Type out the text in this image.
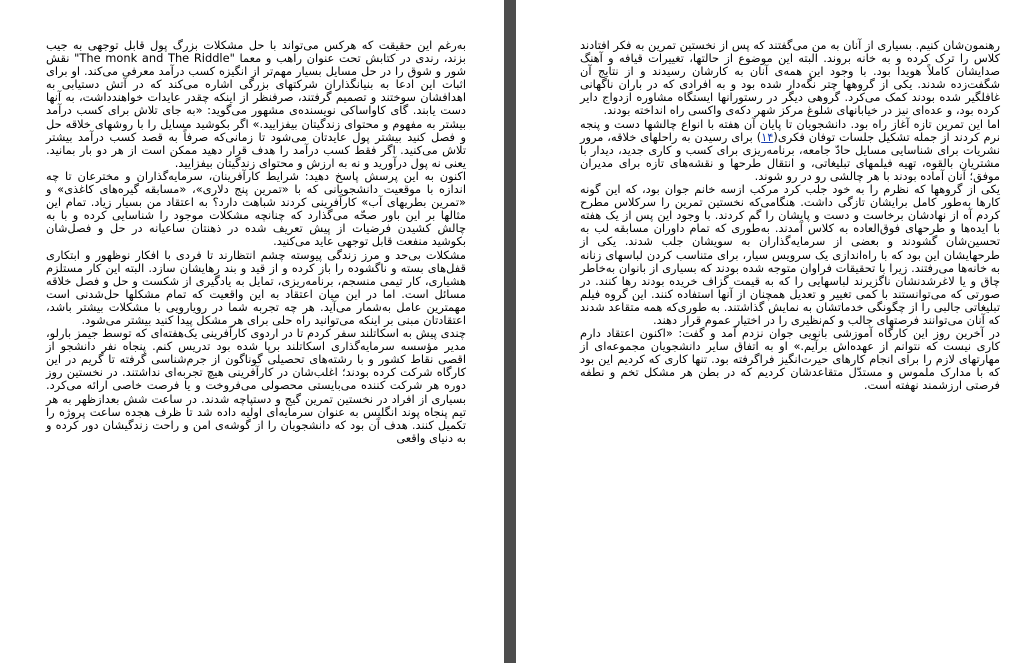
به‌رغم این حقیقت که هرکس می‌تواند با حل مشکلات بزرگ پول قابل توجهی به جیب بزند، رندی در کتابش تحت عنوان راهب و معما "The monk and The Riddle" نقش شور و شوق را در حل مسایل بسیار مهم‌تر از انگیزه کسب درآمد معرفی می‌کند. او برای اثبات این ادعا به بنیانگذاران شرکتهای بزرگی اشاره می‌کند که در آتش دستیابی به اهدافشان سوختند و تصمیم گرفتند، صرفنظر از اینکه چقدر عایدات خواهندداشت، به آنها دست یابند. گای کاواساکی نویسنده‌ی مشهور می‌گوید: «به جای تلاش برای کسب درآمد بیشتر به مفهوم و محتوای زندگیتان بیفزایید.» اگر بکوشید مسایل را با روشهای خلاقه حل و فصل کنید بیشتر پول عایدتان می‌شود تا زمانی‌که صرفاً به قصد کسب درآمد بیشتر تلاش می‌کنید. اگر فقط کسب درآمد را هدف قرار دهید ممکن است از هر دو بار بمانید. یعنی نه پول درآورید و نه به ارزش و محتوای زندگیتان بیفزایید.

اکنون به این پرسش پاسخ دهید: شرایط کارآفرینان، سرمایه‌گذاران و مخترعان تا چه اندازه با موقعیت دانشجویانی که با «تمرین پنج دلاری»، «مسابقه گیره‌های کاغذی» و «تمرین بطریهای آب» کارآفرینی کردند شباهت دارد؟ به اعتقاد من بسیار زیاد. تمام این مثالها بر این باور صحّه می‌گذارد که چنانچه مشکلات موجود را شناسایی کرده و با به چالش کشیدن فرضیات از پیش تعریف شده در ذهنتان ساعیانه در حل و فصل‌شان بکوشید منفعت قابل توجهی عاید می‌کنید.

مشکلات بی‌حد و مرز زندگی پیوسته چشم انتظارند تا فردی با افکار نوظهور و ابتکاری قفل‌های بسته و ناگشوده را باز کرده و از قید و بند رهایشان سازد. البته این کار مستلزم هشیاری، کار تیمی منسجم، برنامه‌ریزی، تمایل به یادگیری از شکست و حل و فصل خلاقه مسائل است. اما در این میان اعتقاد به این واقعیت که تمام مشکلها حل‌شدنی است مهمترین عامل به‌شمار می‌آید. هر چه تجربه شما در رویارویی با مشکلات بیشتر باشد، اعتقادتان مبنی بر اینکه می‌توانید راه حلی برای هر مشکل پیدا کنید بیشتر می‌شود.

چندی پیش به اسکاتلند سفر کردم تا در اردوی کارآفرینی یک‌هفته‌ای که توسط جیمز بارلو، مدیر مؤسسه سرمایه‌گذاری اسکاتلند برپا شده بود تدریس کنم. پنجاه نفر دانشجو از اقصی نقاط کشور و با رشته‌های تحصیلی گوناگون از جرم‌شناسی گرفته تا گریم در این کارگاه شرکت کرده بودند؛ اغلب‌شان در کارآفرینی هیچ تجربه‌ای نداشتند. در نخستین روز دوره هر شرکت کننده می‌بایستی محصولی می‌فروخت و یا فرصت خاصی ارائه می‌کرد. بسیاری از افراد در نخستین تمرین گیج و دستپاچه شدند. در ساعت شش بعدازظهر به هر تیم پنجاه پوند انگلیس به عنوان سرمایه‌ای اولیه داده شد تا ظرف هجده ساعت پروژه را تکمیل کنند. هدف آن بود که دانشجویان را از گوشه‌ی امن و راحت زندگیشان دور کرده و به دنیای واقعی

رهنمون‌شان کنیم. بسیاری از آنان به من می‌گفتند که پس از نخستین تمرین به فکر افتادند کلاس را ترک کرده و به خانه بروند. البته این موضوع از حالتها، تغییرات قیافه و آهنگ صدایشان کاملاً هویدا بود. با وجود این همه‌ی آنان به کارشان رسیدند و از نتایج آن شگفت‌زده شدند. یکی از گروهها چتر نگه‌دار شده بود و به افرادی که در باران ناگهانی غافلگیر شده بودند کمک می‌کرد. گروهی دیگر در رستورانها ایستگاه مشاوره ازدواج دایر کرده بود، و عده‌ای نیز در خیابانهای شلوغ مرکز شهر دکه‌ی واکسی راه انداخته بودند.

اما این تمرین تازه آغاز راه بود. دانشجویان تا پایان آن هفته با انواع چالشها دست و پنجه نرم کردند از جمله تشکیل جلسات توفان فکری(۱۴) برای رسیدن به راحلهای خلاقه، مرور نشریات برای شناسایی مسایل حادّ جامعه، برنامه‌ریزی برای کسب و کاری جدید، دیدار با مشتریان بالقوه، تهیه فیلمهای تبلیغاتی، و انتقال طرحها و نقشه‌های تازه برای مدیران موفق؛ آنان آماده بودند با هر چالشی رو در رو شوند.

یکی از گروهها که نظرم را به خود جلب کرد مرکب ازسه خانم جوان بود، که این گونه کارها به‌طور کامل برایشان تازگی داشت. هنگامی‌که نخستین تمرین را سرکلاس مطرح کردم آه از نهادشان برخاست و دست و پایشان را گم کردند. با وجود این پس از یک هفته با ایده‌ها و طرحهای فوق‌العاده به کلاس آمدند. به‌طوری که تمام داوران مسابقه لب به تحسین‌شان گشودند و بعضی از سرمایه‌گذاران به سویشان جلب شدند. یکی از طرحهایشان این بود که با راه‌اندازی یک سرویس سیار، برای متناسب کردن لباسهای زنانه به خانه‌ها می‌رفتند. زیرا با تحقیقات فراوان متوجه شده بودند که بسیاری از بانوان به‌خاطر چاق و یا لاغرشدنشان ناگزیرند لباسهایی را که به قیمت گزاف خریده بودند رها کنند. در صورتی که می‌توانستند با کمی تغییر و تعدیل همچنان از آنها استفاده کنند. این گروه فیلم تبلیغاتی جالبی را از چگونگی خدماتشان به نمایش گذاشتند. به طوری‌که همه متقاعد شدند که آنان می‌توانند فرصتهای جالب و کم‌نظیری را در اختیار عموم قرار دهند.

در آخرین روز این کارگاه آموزشی بانویی جوان نزدم آمد و گفت: «اکنون اعتقاد دارم کاری نیست که نتوانم از عهده‌اش برآیم.» او به اتفاق سایر دانشجویان مجموعه‌ای از مهارتهای لازم را برای انجام کارهای حیرت‌انگیز فراگرفته بود. تنها کاری که کردیم این بود که با مدارک ملموس و مستدّل متقاعدشان کردیم که در بطن هر مشکل تخم و نطفه فرصتی ارزشمند نهفته است.
